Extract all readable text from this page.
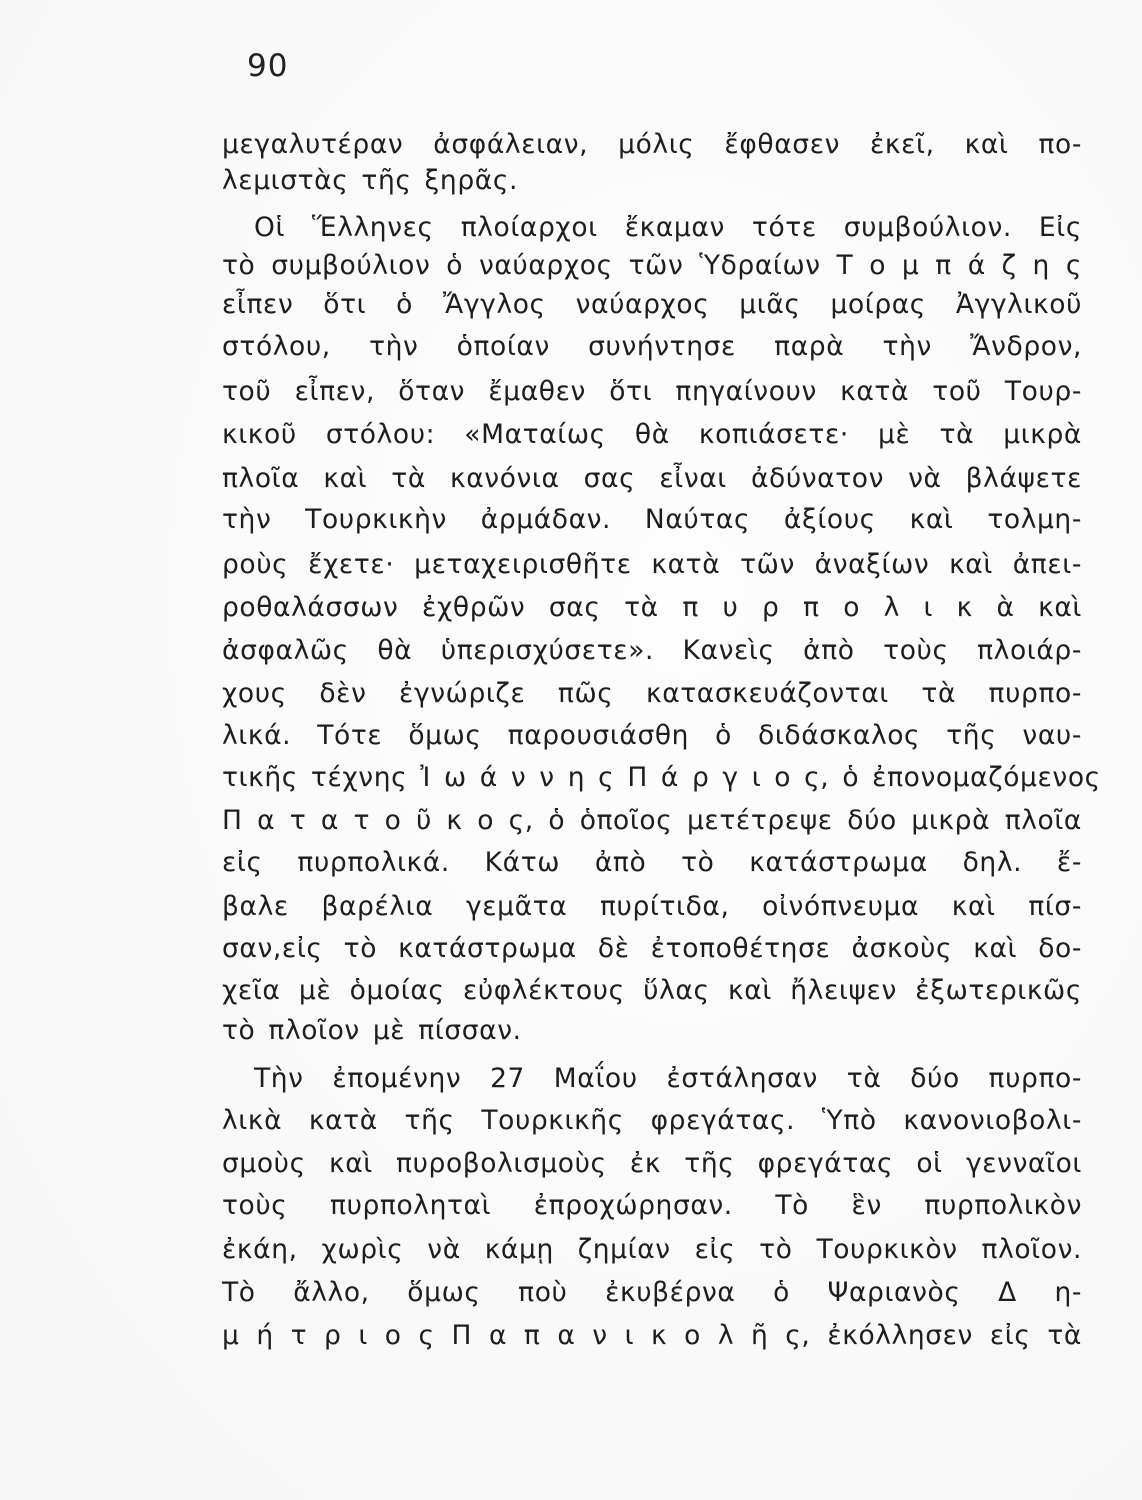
90
μεγαλυτέραν ἀσφάλειαν, μόλις ἔφθασεν ἐκεῖ, καὶ πο-
λεμιστὰς τῆς ξηρᾶς.
Οἱ Ἕλληνες πλοίαρχοι ἔκαμαν τότε συμβούλιον. Εἰς
τὸ συμβούλιον ὁ ναύαρχος τῶν Ὑδραίων Τ ο μ π ά ζ η ς
εἶπεν ὅτι ὁ Ἄγγλος ναύαρχος μιᾶς μοίρας Ἀγγλικοῦ
στόλου, τὴν ὁποίαν συνήντησε παρὰ τὴν Ἄνδρον,
τοῦ εἶπεν, ὅταν ἔμαθεν ὅτι πηγαίνουν κατὰ τοῦ Τουρ-
κικοῦ στόλου: «Ματαίως θὰ κοπιάσετε· μὲ τὰ μικρὰ
πλοῖα καὶ τὰ κανόνια σας εἶναι ἀδύνατον νὰ βλάψετε
τὴν Τουρκικὴν ἀρμάδαν. Ναύτας ἀξίους καὶ τολμη-
ροὺς ἔχετε· μεταχειρισθῆτε κατὰ τῶν ἀναξίων καὶ ἀπει-
ροθαλάσσων ἐχθρῶν σας τὰ π υ ρ π ο λ ι κ ὰ καὶ
ἀσφαλῶς θὰ ὑπερισχύσετε». Κανεὶς ἀπὸ τοὺς πλοιάρ-
χους δὲν ἐγνώριζε πῶς κατασκευάζονται τὰ πυρπο-
λικά. Τότε ὅμως παρουσιάσθη ὁ διδάσκαλος τῆς ναυ-
τικῆς τέχνης Ἰ ω ά ν ν η ς Π ά ρ γ ι ο ς, ὁ ἐπονομαζόμενος
Π α τ α τ ο ῦ κ ο ς, ὁ ὁποῖος μετέτρεψε δύο μικρὰ πλοῖα
εἰς πυρπολικά. Κάτω ἀπὸ τὸ κατάστρωμα δηλ. ἔ-
βαλε βαρέλια γεμᾶτα πυρίτιδα, οἰνόπνευμα καὶ πίσ-
σαν,εἰς τὸ κατάστρωμα δὲ ἐτοποθέτησε ἀσκοὺς καὶ δο-
χεῖα μὲ ὁμοίας εὐφλέκτους ὕλας καὶ ἤλειψεν ἐξωτερικῶς
τὸ πλοῖον μὲ πίσσαν.
Τὴν ἐπομένην 27 Μαΐου ἐστάλησαν τὰ δύο πυρπο-
λικὰ κατὰ τῆς Τουρκικῆς φρεγάτας. Ὑπὸ κανονιοβολι-
σμοὺς καὶ πυροβολισμοὺς ἐκ τῆς φρεγάτας οἱ γενναῖοι
τοὺς πυρποληταὶ ἐπροχώρησαν. Τὸ ἓν πυρπολικὸν
ἐκάη, χωρὶς νὰ κάμῃ ζημίαν εἰς τὸ Τουρκικὸν πλοῖον.
Τὸ ἄλλο, ὅμως ποὺ ἐκυβέρνα ὁ Ψαριανὸς Δ η-
μ ή τ ρ ι ο ς Π α π α ν ι κ ο λ ῆ ς, ἐκόλλησεν εἰς τὰ
